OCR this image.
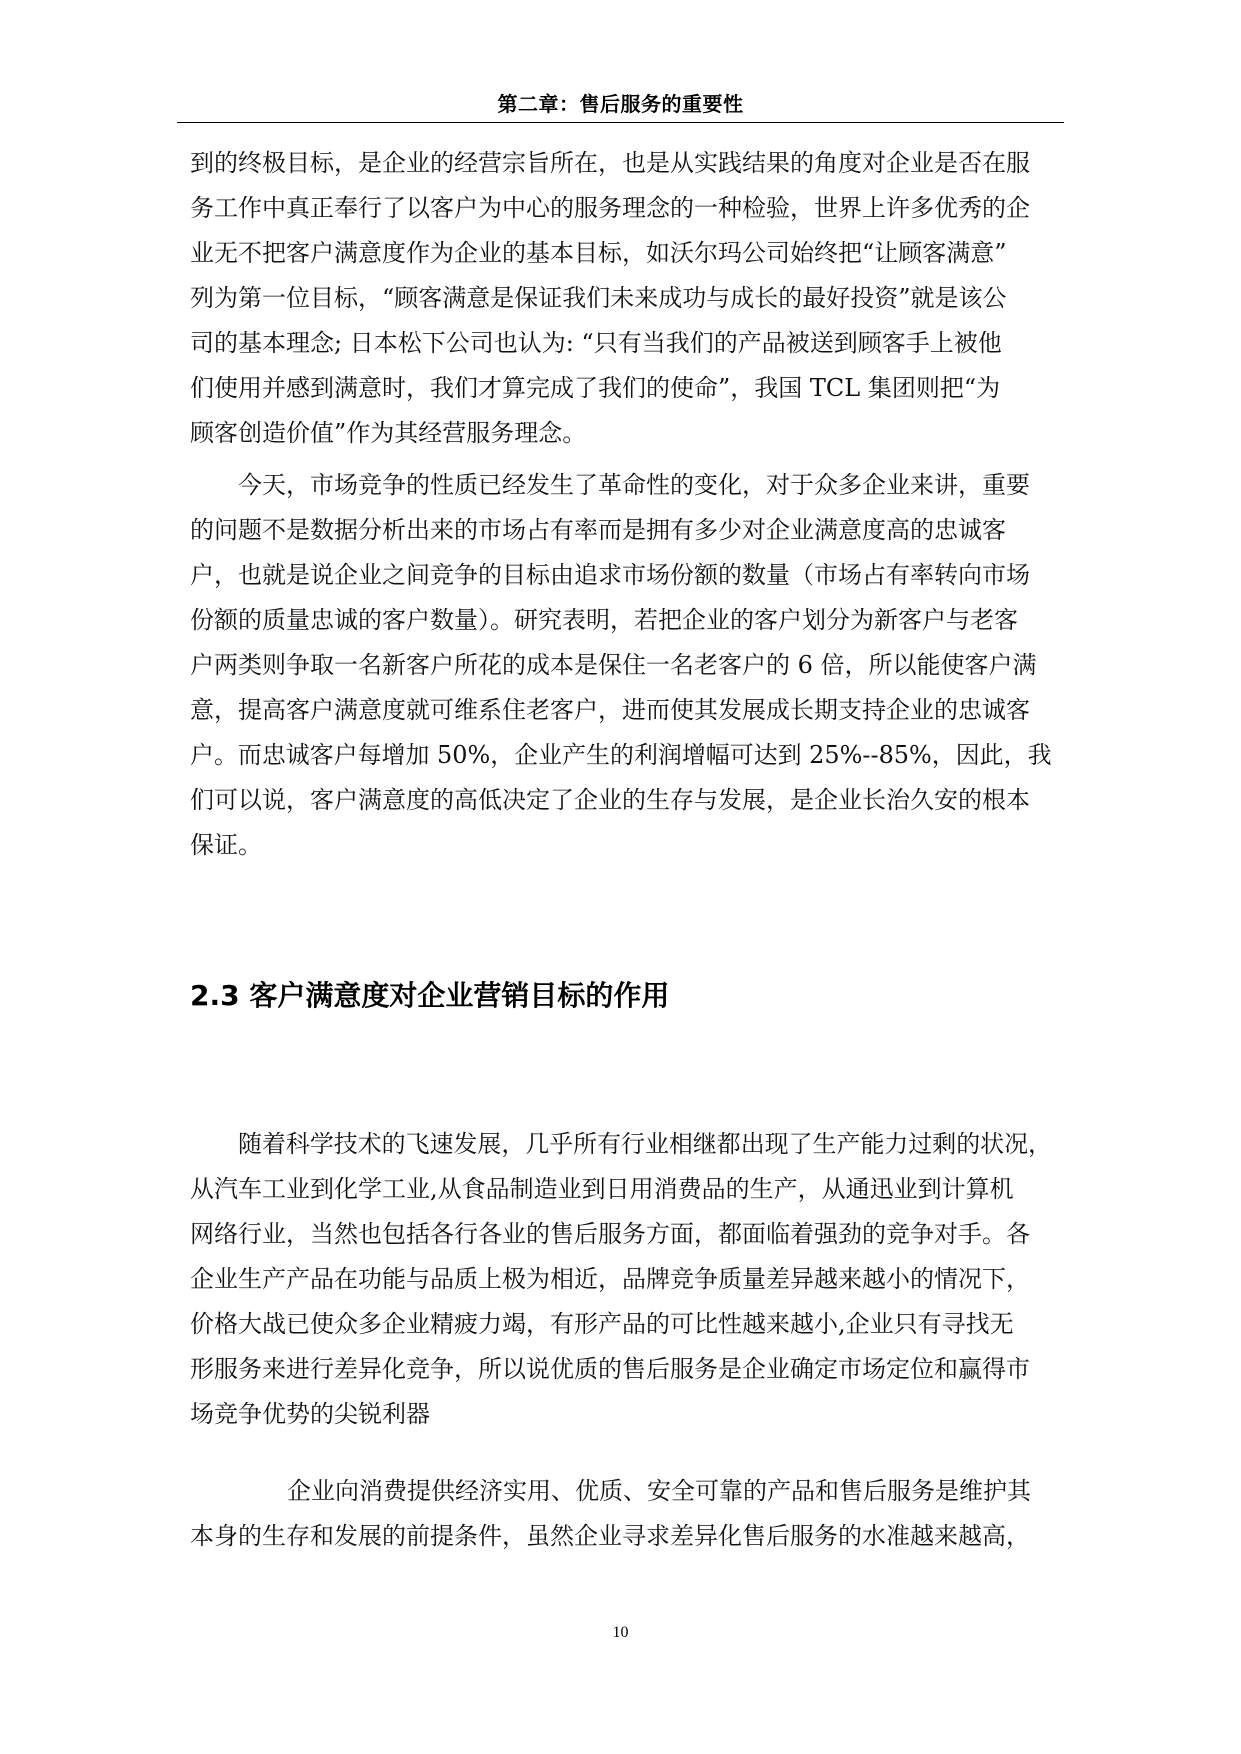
第二章：售后服务的重要性
到的终极目标，是企业的经营宗旨所在，也是从实践结果的角度对企业是否在服
务工作中真正奉行了以客户为中心的服务理念的一种检验，世界上许多优秀的企
业无不把客户满意度作为企业的基本目标，如沃尔玛公司始终把“让顾客满意”
列为第一位目标，“顾客满意是保证我们未来成功与成长的最好投资”就是该公
司的基本理念; 日本松下公司也认为: “只有当我们的产品被送到顾客手上被他
们使用并感到满意时，我们才算完成了我们的使命”，我国 TCL 集团则把“为
顾客创造价值”作为其经营服务理念。
今天，市场竞争的性质已经发生了革命性的变化，对于众多企业来讲，重要
的问题不是数据分析出来的市场占有率而是拥有多少对企业满意度高的忠诚客
户，也就是说企业之间竞争的目标由追求市场份额的数量（市场占有率转向市场
份额的质量忠诚的客户数量）。研究表明，若把企业的客户划分为新客户与老客
户两类则争取一名新客户所花的成本是保住一名老客户的 6 倍，所以能使客户满
意，提高客户满意度就可维系住老客户，进而使其发展成长期支持企业的忠诚客
户。而忠诚客户每增加 50%，企业产生的利润增幅可达到 25%--85%，因此，我
们可以说，客户满意度的高低决定了企业的生存与发展，是企业长治久安的根本
保证。
2.3 客户满意度对企业营销目标的作用
随着科学技术的飞速发展，几乎所有行业相继都出现了生产能力过剩的状况，
从汽车工业到化学工业,从食品制造业到日用消费品的生产，从通迅业到计算机
网络行业，当然也包括各行各业的售后服务方面，都面临着强劲的竞争对手。各
企业生产产品在功能与品质上极为相近，品牌竞争质量差异越来越小的情况下，
价格大战已使众多企业精疲力竭，有形产品的可比性越来越小,企业只有寻找无
形服务来进行差异化竞争，所以说优质的售后服务是企业确定市场定位和赢得市
场竞争优势的尖锐利器
企业向消费提供经济实用、优质、安全可靠的产品和售后服务是维护其
本身的生存和发展的前提条件，虽然企业寻求差异化售后服务的水准越来越高，
10
